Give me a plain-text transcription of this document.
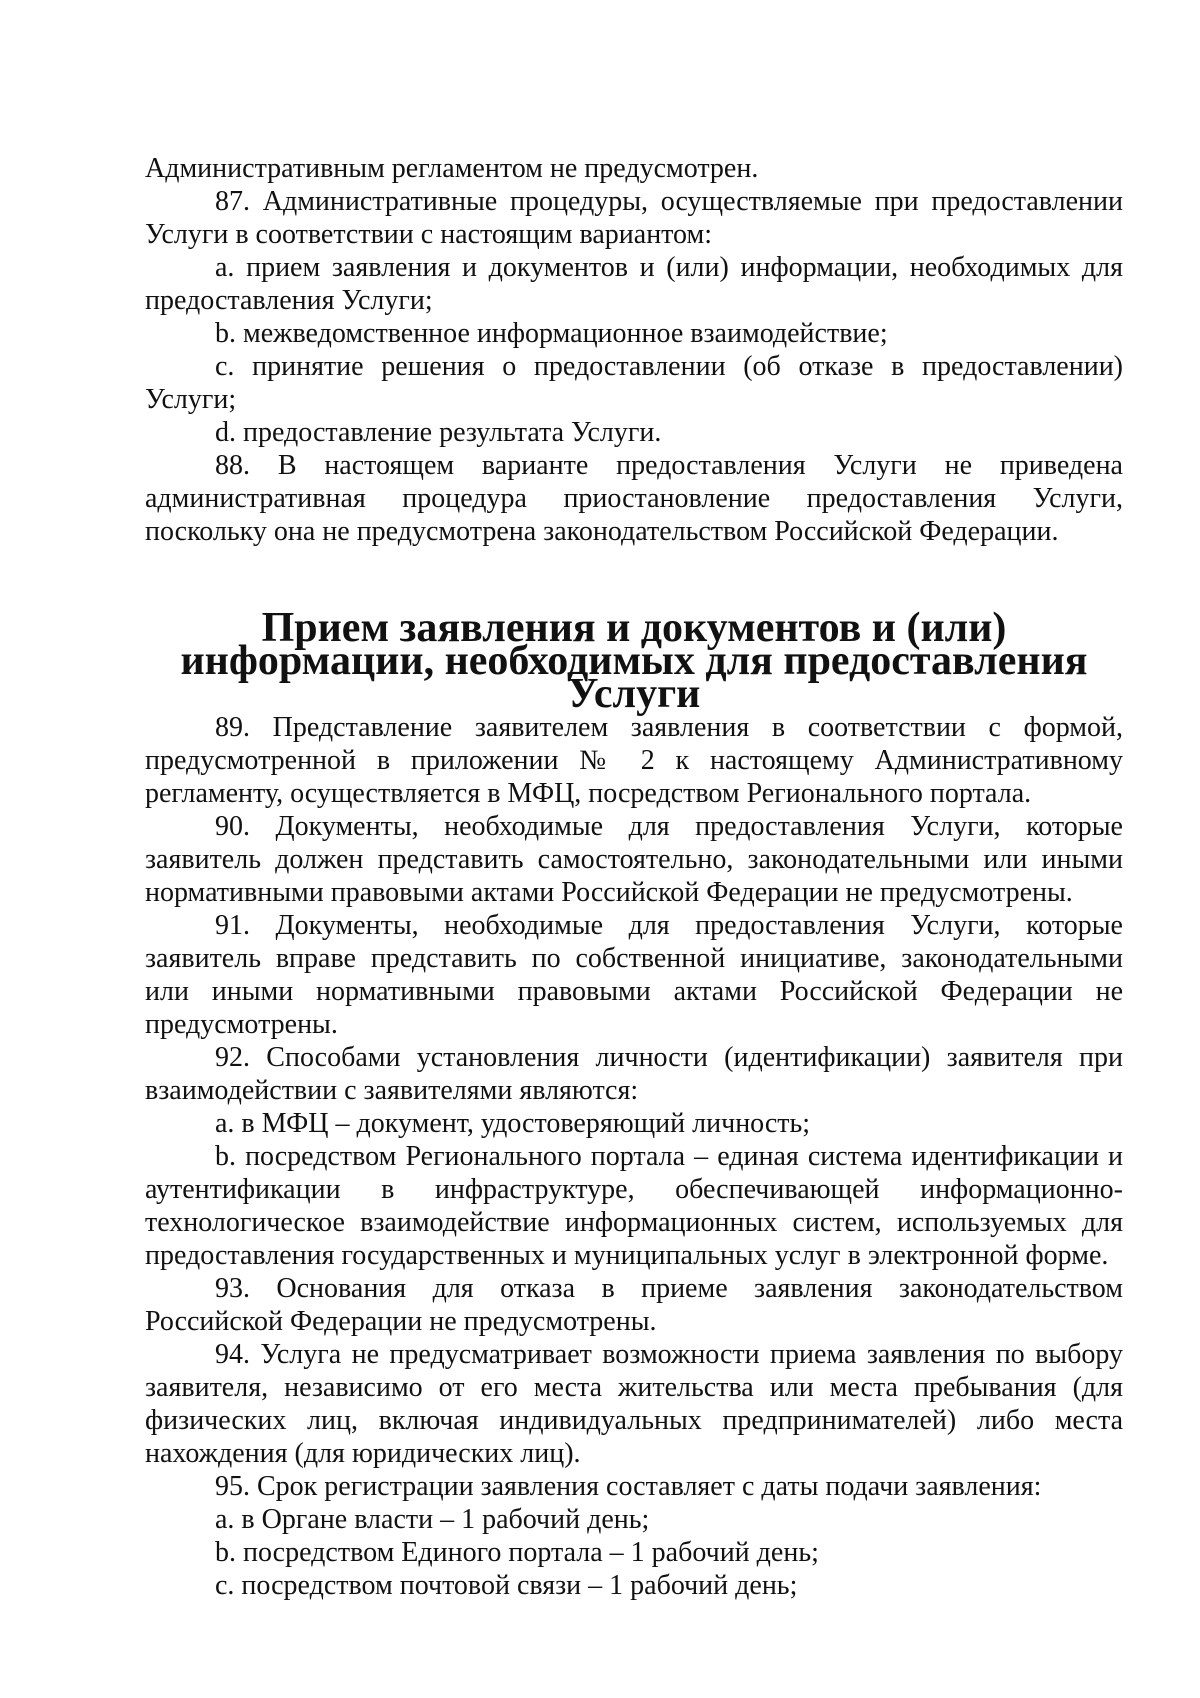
Административным регламентом не предусмотрен.

87. Административные процедуры, осуществляемые при предоставлении Услуги в соответствии с настоящим вариантом:

a. прием заявления и документов и (или) информации, необходимых для предоставления Услуги;

b. межведомственное информационное взаимодействие;

c. принятие решения о предоставлении (об отказе в предоставлении) Услуги;

d. предоставление результата Услуги.

88. В настоящем варианте предоставления Услуги не приведена административная процедура приостановление предоставления Услуги, поскольку она не предусмотрена законодательством Российской Федерации.

Прием заявления и документов и (или) информации, необходимых для предоставления Услуги

89. Представление заявителем заявления в соответствии с формой, предусмотренной в приложении № 2 к настоящему Административному регламенту, осуществляется в МФЦ, посредством Регионального портала.

90. Документы, необходимые для предоставления Услуги, которые заявитель должен представить самостоятельно, законодательными или иными нормативными правовыми актами Российской Федерации не предусмотрены.

91. Документы, необходимые для предоставления Услуги, которые заявитель вправе представить по собственной инициативе, законодательными или иными нормативными правовыми актами Российской Федерации не предусмотрены.

92. Способами установления личности (идентификации) заявителя при взаимодействии с заявителями являются:

a. в МФЦ – документ, удостоверяющий личность;

b. посредством Регионального портала – единая система идентификации и аутентификации в инфраструктуре, обеспечивающей информационно-технологическое взаимодействие информационных систем, используемых для предоставления государственных и муниципальных услуг в электронной форме.

93. Основания для отказа в приеме заявления законодательством Российской Федерации не предусмотрены.

94. Услуга не предусматривает возможности приема заявления по выбору заявителя, независимо от его места жительства или места пребывания (для физических лиц, включая индивидуальных предпринимателей) либо места нахождения (для юридических лиц).

95. Срок регистрации заявления составляет с даты подачи заявления:

a. в Органе власти – 1 рабочий день;

b. посредством Единого портала – 1 рабочий день;

c. посредством почтовой связи – 1 рабочий день;
